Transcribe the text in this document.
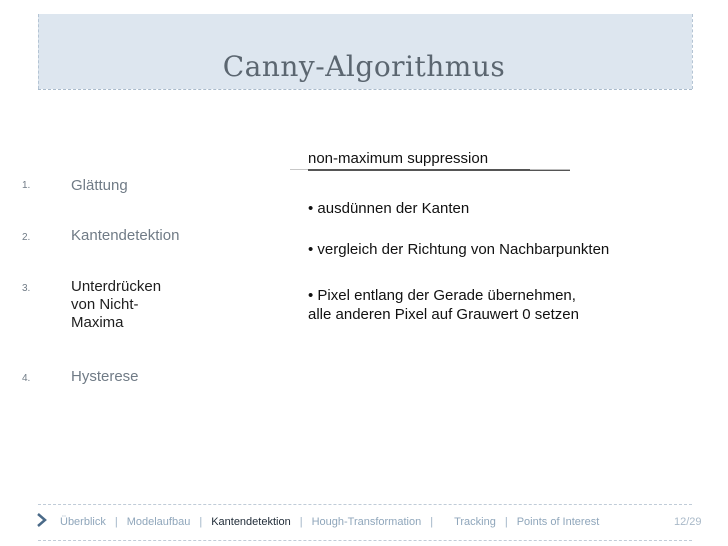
Canny-Algorithmus
1.	Glättung
2.	Kantendetektion
3.	Unterdrücken
von Nicht-
Maxima
4.	Hysterese
non-maximum suppression
• ausdünnen der Kanten
• vergleich der Richtung von Nachbarpunkten
• Pixel entlang der Gerade übernehmen,
alle anderen Pixel auf Grauwert 0 setzen
Überblick | Modelaufbau | Kantendetektion | Hough-Transformation | Tracking | Points of Interest	12/29
